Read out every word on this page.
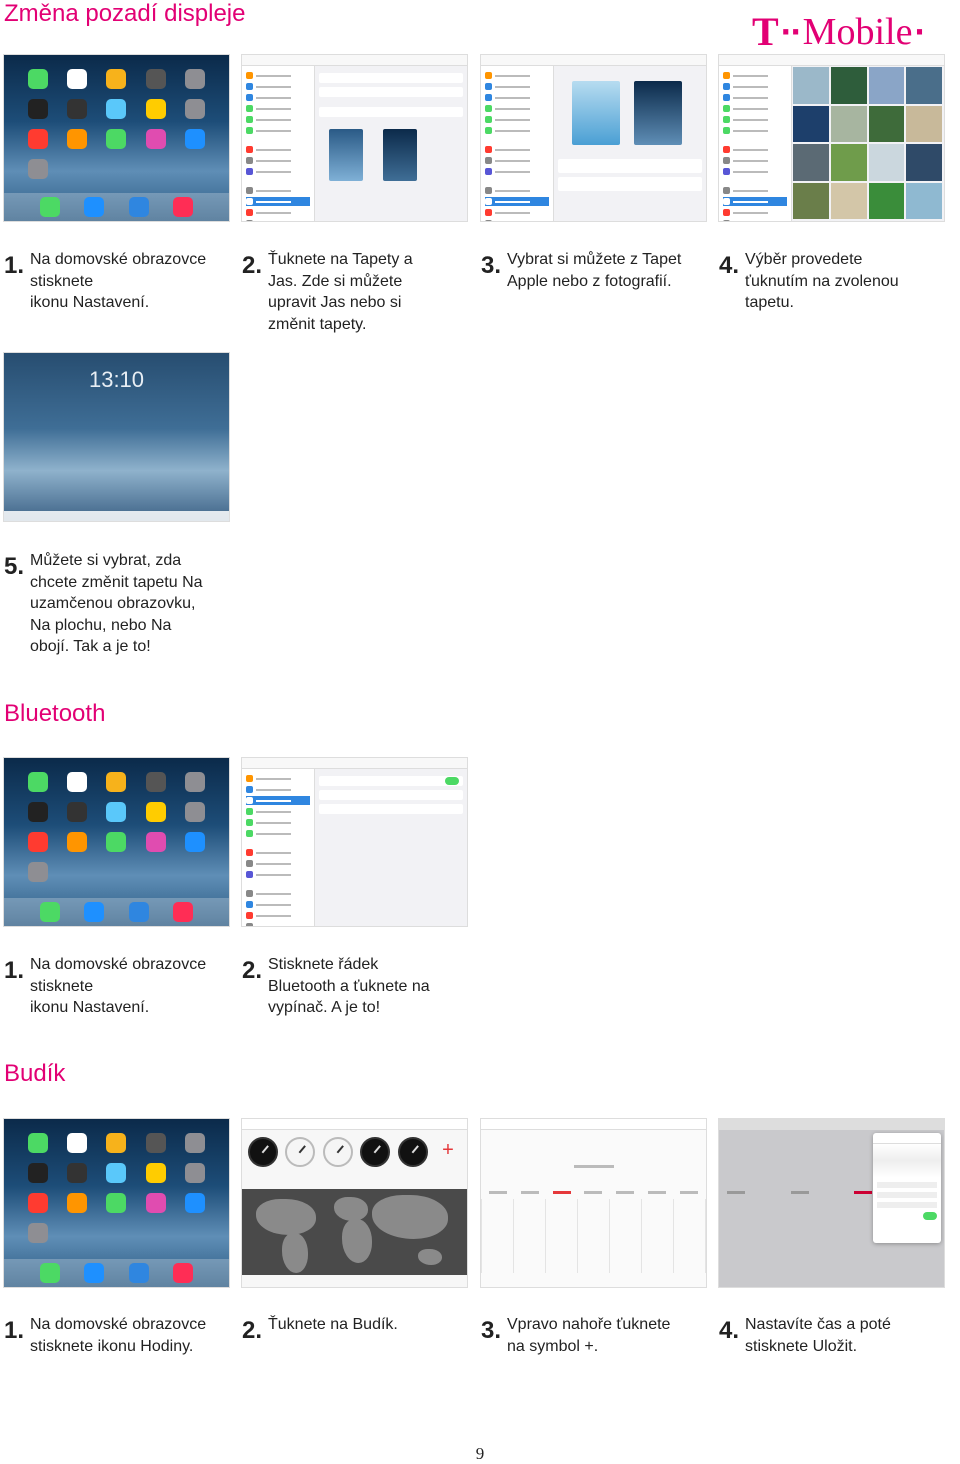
Změna pozadí displeje	T ·· Mobile ·
1. Na domovské obrazovce
stisknete
ikonu Nastavení.
2. Ťuknete na Tapety a
Jas. Zde si můžete
upravit Jas nebo si
změnit tapety.
3. Vybrat si můžete z Tapet
Apple nebo z fotografií.
4. Výběr provedete
ťuknutím na zvolenou
tapetu.
13:10
5. Můžete si vybrat, zda
chcete změnit tapetu Na
uzamčenou obrazovku,
Na plochu, nebo Na
obojí. Tak a je to!
Bluetooth
1. Na domovské obrazovce
stisknete
ikonu Nastavení.
2. Stisknete řádek
Bluetooth a ťuknete na
vypínač. A je to!
Budík
+
1. Na domovské obrazovce
stisknete ikonu Hodiny.
2. Ťuknete na Budík.	3. Vpravo nahoře ťuknete
na symbol +.
4. Nastavíte čas a poté
stisknete Uložit.
9
